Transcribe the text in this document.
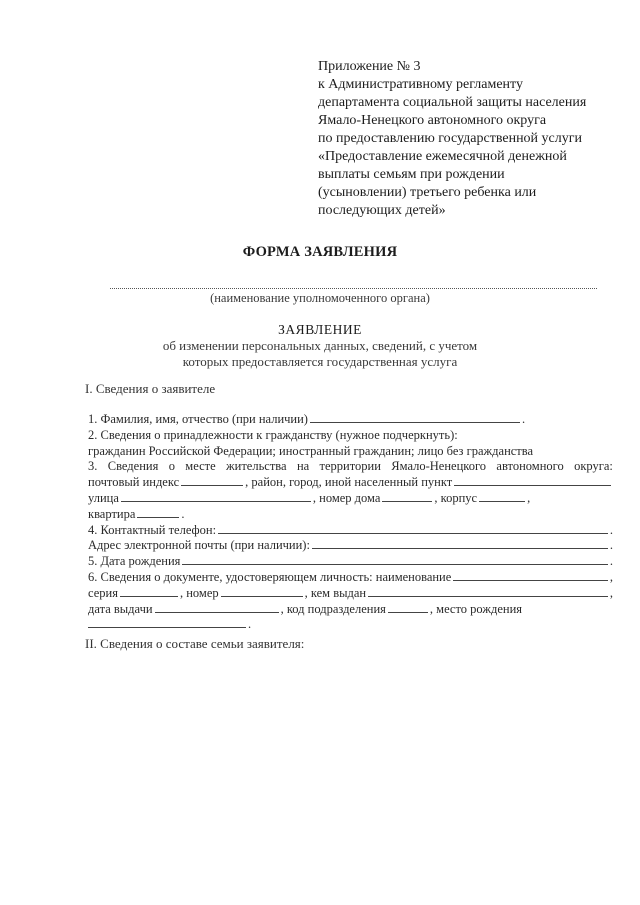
Приложение № 3
к Административному регламенту
департамента социальной защиты населения
Ямало-Ненецкого автономного округа
по предоставлению государственной услуги
«Предоставление ежемесячной денежной
выплаты семьям при рождении
(усыновлении) третьего ребенка или
последующих детей»
ФОРМА ЗАЯВЛЕНИЯ
(наименование уполномоченного органа)
ЗАЯВЛЕНИЕ
об изменении персональных данных, сведений, с учетом
которых предоставляется государственная услуга
I. Сведения о заявителе
1. Фамилия, имя, отчество (при наличии)	.
2. Сведения о принадлежности к гражданству (нужное подчеркнуть):
гражданин Российской Федерации; иностранный гражданин; лицо без гражданства
3. Сведения о месте жительства на территории Ямало-Ненецкого автономного округа:
почтовый индекс	, район, город, иной населенный пункт
улица	, номер дома	, корпус	,
квартира	.
4. Контактный телефон:	.
Адрес электронной почты (при наличии):	.
5. Дата рождения	.
6. Сведения о документе, удостоверяющем личность: наименование	,
серия	, номер	, кем выдан	,
дата выдачи	, код подразделения	, место рождения
.
II. Сведения о составе семьи заявителя:
